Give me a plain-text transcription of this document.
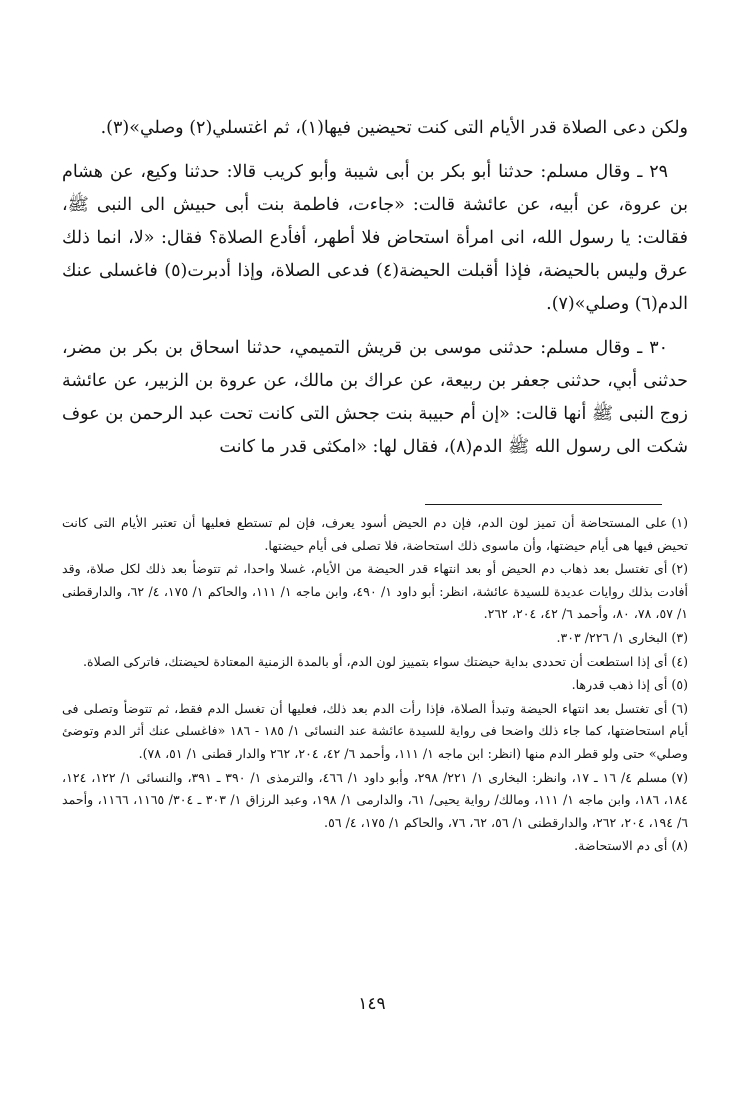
ولكن دعى الصلاة قدر الأيام التى كنت تحيضين فيها(١)، ثم اغتسلي(٢) وصلي»(٣).

٢٩ ـ وقال مسلم: حدثنا أبو بكر بن أبى شيبة وأبو كريب قالا: حدثنا وكيع، عن هشام بن عروة، عن أبيه، عن عائشة قالت: «جاءت، فاطمة بنت أبى حبيش الى النبى ﷺ، فقالت: يا رسول الله، انى امرأة استحاض فلا أطهر، أفأدع الصلاة؟ فقال: «لا، انما ذلك عرق وليس بالحيضة، فإذا أقبلت الحيضة(٤) فدعى الصلاة، وإذا أدبرت(٥) فاغسلى عنك الدم(٦) وصلي»(٧).

٣٠ ـ وقال مسلم: حدثنى موسى بن قريش التميمي، حدثنا اسحاق بن بكر بن مضر، حدثنى أبي، حدثنى جعفر بن ربيعة، عن عراك بن مالك، عن عروة بن الزبير، عن عائشة زوج النبى ﷺ أنها قالت: «إن أم حبيبة بنت جحش التى كانت تحت عبد الرحمن بن عوف شكت الى رسول الله ﷺ الدم(٨)، فقال لها: «امكثى قدر ما كانت

(١)على المستحاضة أن تميز لون الدم، فإن دم الحيض أسود يعرف، فإن لم تستطع فعليها أن تعتبر الأيام التى كانت تحيض فيها هى أيام حيضتها، وأن ماسوى ذلك استحاضة، فلا تصلى فى أيام حيضتها.
(٢)أى تغتسل بعد ذهاب دم الحيض أو بعد انتهاء قدر الحيضة من الأيام، غسلا واحدا، ثم تتوضأ بعد ذلك لكل صلاة، وقد أفادت بذلك روايات عديدة للسيدة عائشة، انظر: أبو داود ١/ ٤٩٠، وابن ماجه ١/ ١١١، والحاكم ١/ ١٧٥، ٤/ ٦٢، والدارقطنى ١/ ٥٧، ٧٨، ٨٠، وأحمد ٦/ ٤٢، ٢٠٤، ٢٦٢.
(٣)البخارى ١/ ٢٢٦/ ٣٠٣.
(٤)أى إذا استطعت أن تحددى بداية حيضتك سواء بتمييز لون الدم، أو بالمدة الزمنية المعتادة لحيضتك، فاتركى الصلاة.
(٥)أى إذا ذهب قدرها.
(٦)أى تغتسل بعد انتهاء الحيضة وتبدأ الصلاة، فإذا رأت الدم بعد ذلك، فعليها أن تغسل الدم فقط، ثم تتوضأ وتصلى فى أيام استحاضتها، كما جاء ذلك واضحا فى رواية للسيدة عائشة عند النسائى ١/ ١٨٥ - ١٨٦ «فاغسلى عنك أثر الدم وتوضئ وصلي» حتى ولو قطر الدم منها (انظر: ابن ماجه ١/ ١١١، وأحمد ٦/ ٤٢، ٢٠٤، ٢٦٢ والدار قطنى ١/ ٥١، ٧٨).
(٧)مسلم ٤/ ١٦ ـ ١٧، وانظر: البخارى ١/ ٢٢١/ ٢٩٨، وأبو داود ١/ ٤٦٦، والترمذى ١/ ٣٩٠ ـ ٣٩١، والنسائى ١/ ١٢٢، ١٢٤، ١٨٤، ١٨٦، وابن ماجه ١/ ١١١، ومالك/ رواية يحيى/ ٦١، والدارمى ١/ ١٩٨، وعبد الرزاق ١/ ٣٠٣ ـ ٣٠٤/ ١١٦٥، ١١٦٦، وأحمد ٦/ ١٩٤، ٢٠٤، ٢٦٢، والدارقطنى ١/ ٥٦، ٦٢، ٧٦، والحاكم ١/ ١٧٥، ٤/ ٥٦.
(٨)أى دم الاستحاضة.
١٤٩
